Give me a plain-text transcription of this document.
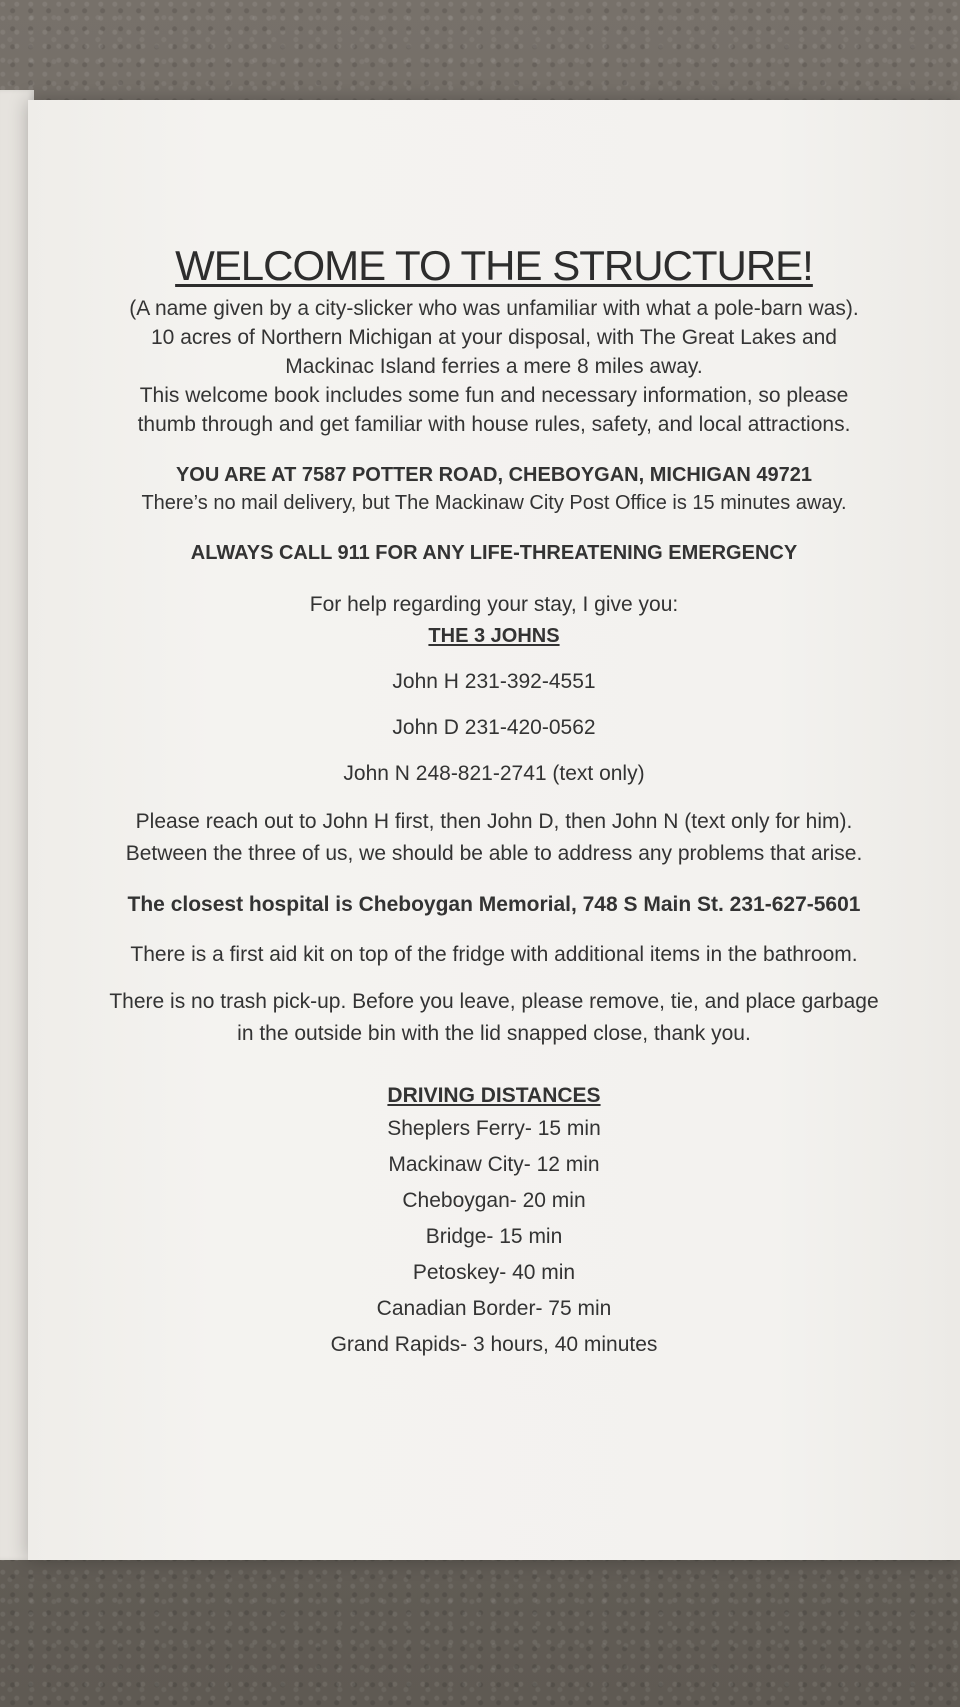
WELCOME TO THE STRUCTURE!
(A name given by a city-slicker who was unfamiliar with what a pole-barn was).
10 acres of Northern Michigan at your disposal, with The Great Lakes and
Mackinac Island ferries a mere 8 miles away.
This welcome book includes some fun and necessary information, so please
thumb through and get familiar with house rules, safety, and local attractions.
YOU ARE AT 7587 POTTER ROAD, CHEBOYGAN, MICHIGAN 49721
There’s no mail delivery, but The Mackinaw City Post Office is 15 minutes away.
ALWAYS CALL 911 FOR ANY LIFE-THREATENING EMERGENCY
For help regarding your stay, I give you:
THE 3 JOHNS
John H 231-392-4551
John D 231-420-0562
John N 248-821-2741 (text only)
Please reach out to John H first, then John D, then John N (text only for him).
Between the three of us, we should be able to address any problems that arise.
The closest hospital is Cheboygan Memorial, 748 S Main St. 231-627-5601
There is a first aid kit on top of the fridge with additional items in the bathroom.
There is no trash pick-up. Before you leave, please remove, tie, and place garbage
in the outside bin with the lid snapped close, thank you.
DRIVING DISTANCES
Sheplers Ferry- 15 min
Mackinaw City- 12 min
Cheboygan- 20 min
Bridge- 15 min
Petoskey- 40 min
Canadian Border- 75 min
Grand Rapids- 3 hours, 40 minutes
